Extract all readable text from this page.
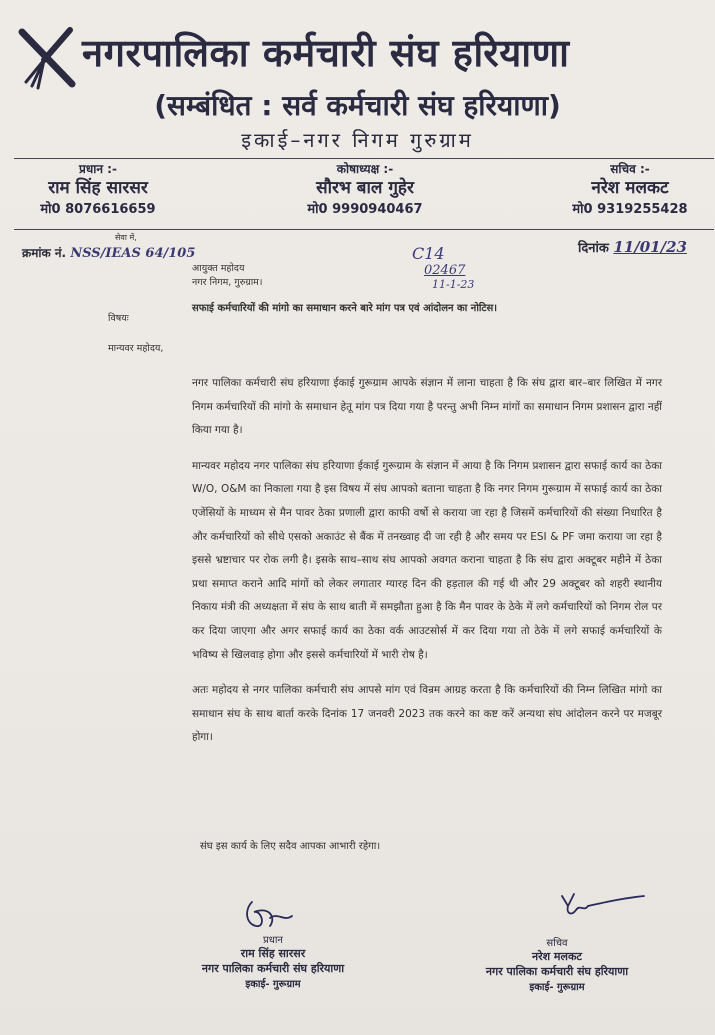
नगरपालिका कर्मचारी संघ हरियाणा
(सम्बंधित : सर्व कर्मचारी संघ हरियाणा)
इकाई–नगर निगम गुरुग्राम
प्रधान :-
राम सिंह सारसर
मो0 8076616659
कोषाध्यक्ष :-
सौरभ बाल गुहेर
मो0 9990940467
सचिव :-
नरेश मलकट
मो0 9319255428
सेवा में,
क्रमांक नं. NSS/IEAS 64/105	दिनांक 11/01/23
आयुक्त महोदय
नगर निगम, गुरुग्राम।
C14
02467
11-1-23
विषयः
सफाई कर्मचारियों की मांगो का समाधान करने बारे मांग पत्र एवं आंदोलन का नोटिस।
मान्यवर महोदय,

नगर पालिका कर्मचारी संघ हरियाणा ईकाई गुरूग्राम आपके संज्ञान में लाना चाहता है कि संघ द्वारा बार–बार लिखित में नगर निगम कर्मचारियों की मांगो के समाधान हेतू मांग पत्र दिया गया है परन्तु अभी निम्न मांगों का समाधान निगम प्रशासन द्वारा नहीं किया गया है।

मान्यवर महोदय नगर पालिका संघ हरियाणा ईकाई गुरूग्राम के संज्ञान में आया है कि निगम प्रशासन द्वारा सफाई कार्य का ठेका W/O, O&M का निकाला गया है इस विषय में संघ आपको बताना चाहता है कि नगर निगम गुरूग्राम में सफाई कार्य का ठेका एजेंसियों के माध्यम से मैन पावर ठेका प्रणाली द्वारा काफी वर्षो से कराया जा रहा है जिसमें कर्मचारियों की संख्या निधारित है और कर्मचारियों को सीधे एसको अकाउंट से बैंक में तनख्वाह दी जा रही है और समय पर ESI & PF जमा कराया जा रहा है इससे भ्रष्टाचार पर रोक लगी है। इसके साथ–साथ संघ आपको अवगत कराना चाहता है कि संघ द्वारा अक्टूबर महीने में ठेका प्रथा समाप्त कराने आदि मांगों को लेकर लगातार ग्यारह दिन की हड़ताल की गई थी और 29 अक्टूबर को शहरी स्थानीय निकाय मंत्री की अध्यक्षता में संघ के साथ बाती में समझौता हुआ है कि मैन पावर के ठेके में लगे कर्मचारियों को निगम रोल पर कर दिया जाएगा और अगर सफाई कार्य का ठेका वर्क आउटसोर्स में कर दिया गया तो ठेके में लगे सफाई कर्मचारियों के भविष्य से खिलवाड़ होगा और इससे कर्मचारियों में भारी रोष है।

अतः महोदय से नगर पालिका कर्मचारी संघ आपसे मांग एवं विन्रम आग्रह करता है कि कर्मचारियों की निम्न लिखित मांगो का समाधान संघ के साथ बार्ता करके दिनांक 17 जनवरी 2023 तक करने का कष्ट करें अन्यथा संघ आंदोलन करने पर मजबूर होगा।

संघ इस कार्य के लिए सदैव आपका आभारी रहेगा।
प्रधान
राम सिंह सारसर
नगर पालिका कर्मचारी संघ हरियाणा
इकाई- गुरूग्राम
सचिव
नरेश मलकट
नगर पालिका कर्मचारी संघ हरियाणा
इकाई- गुरूग्राम
